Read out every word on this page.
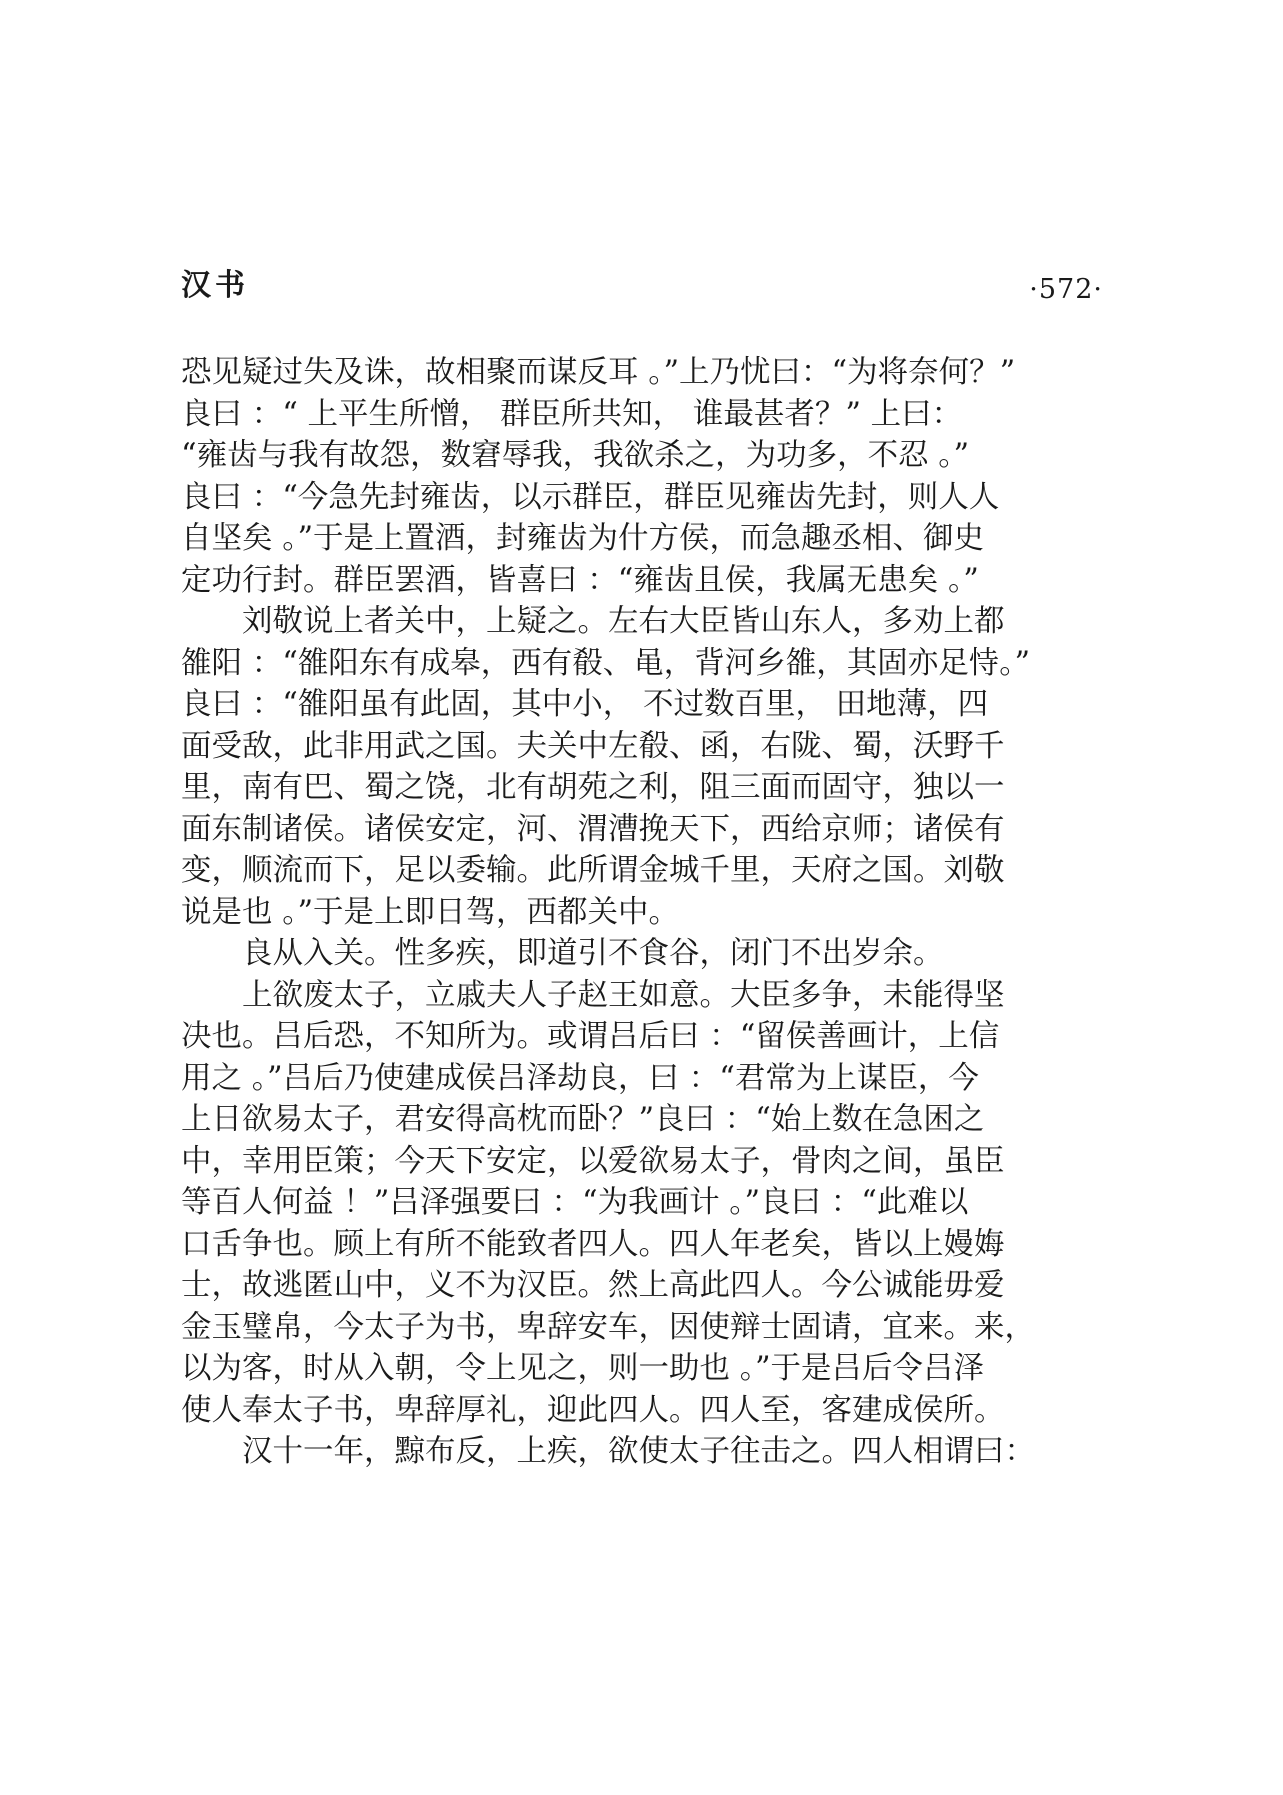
汉书	·572·
恐见疑过失及诛，故相聚而谋反耳 。”上乃忧曰：“为将奈何？”
良曰 ：“ 上平生所憎， 群臣所共知， 谁最甚者？” 上曰：
“雍齿与我有故怨，数窘辱我，我欲杀之，为功多，不忍 。”
良曰 ：“今急先封雍齿，以示群臣，群臣见雍齿先封，则人人
自坚矣 。”于是上置酒，封雍齿为什方侯，而急趣丞相、御史
定功行封。群臣罢酒，皆喜曰 ：“雍齿且侯，我属无患矣 。”
刘敬说上者关中，上疑之。左右大臣皆山东人，多劝上都
雒阳 ：“雒阳东有成皋，西有殽、黾，背河乡雒，其固亦足恃。”
良曰 ：“雒阳虽有此固，其中小， 不过数百里， 田地薄，四
面受敌，此非用武之国。夫关中左殽、函，右陇、蜀，沃野千
里，南有巴、蜀之饶，北有胡苑之利，阻三面而固守，独以一
面东制诸侯。诸侯安定，河、渭漕挽天下，西给京师；诸侯有
变，顺流而下，足以委输。此所谓金城千里，天府之国。刘敬
说是也 。”于是上即日驾，西都关中。
良从入关。性多疾，即道引不食谷，闭门不出岁余。
上欲废太子，立戚夫人子赵王如意。大臣多争，未能得坚
决也。吕后恐，不知所为。或谓吕后曰 ：“留侯善画计，上信
用之 。”吕后乃使建成侯吕泽劫良，曰 ：“君常为上谋臣，今
上日欲易太子，君安得高枕而卧？”良曰 ：“始上数在急困之
中，幸用臣策；今天下安定，以爱欲易太子，骨肉之间，虽臣
等百人何益 ！”吕泽强要曰 ：“为我画计 。”良曰 ：“此难以
口舌争也。顾上有所不能致者四人。四人年老矣，皆以上嫚娒
士，故逃匿山中，义不为汉臣。然上高此四人。今公诚能毋爱
金玉璧帛，今太子为书，卑辞安车，因使辩士固请，宜来。来，
以为客，时从入朝，令上见之，则一助也 。”于是吕后令吕泽
使人奉太子书，卑辞厚礼，迎此四人。四人至，客建成侯所。
汉十一年，黥布反，上疾，欲使太子往击之。四人相谓曰：
